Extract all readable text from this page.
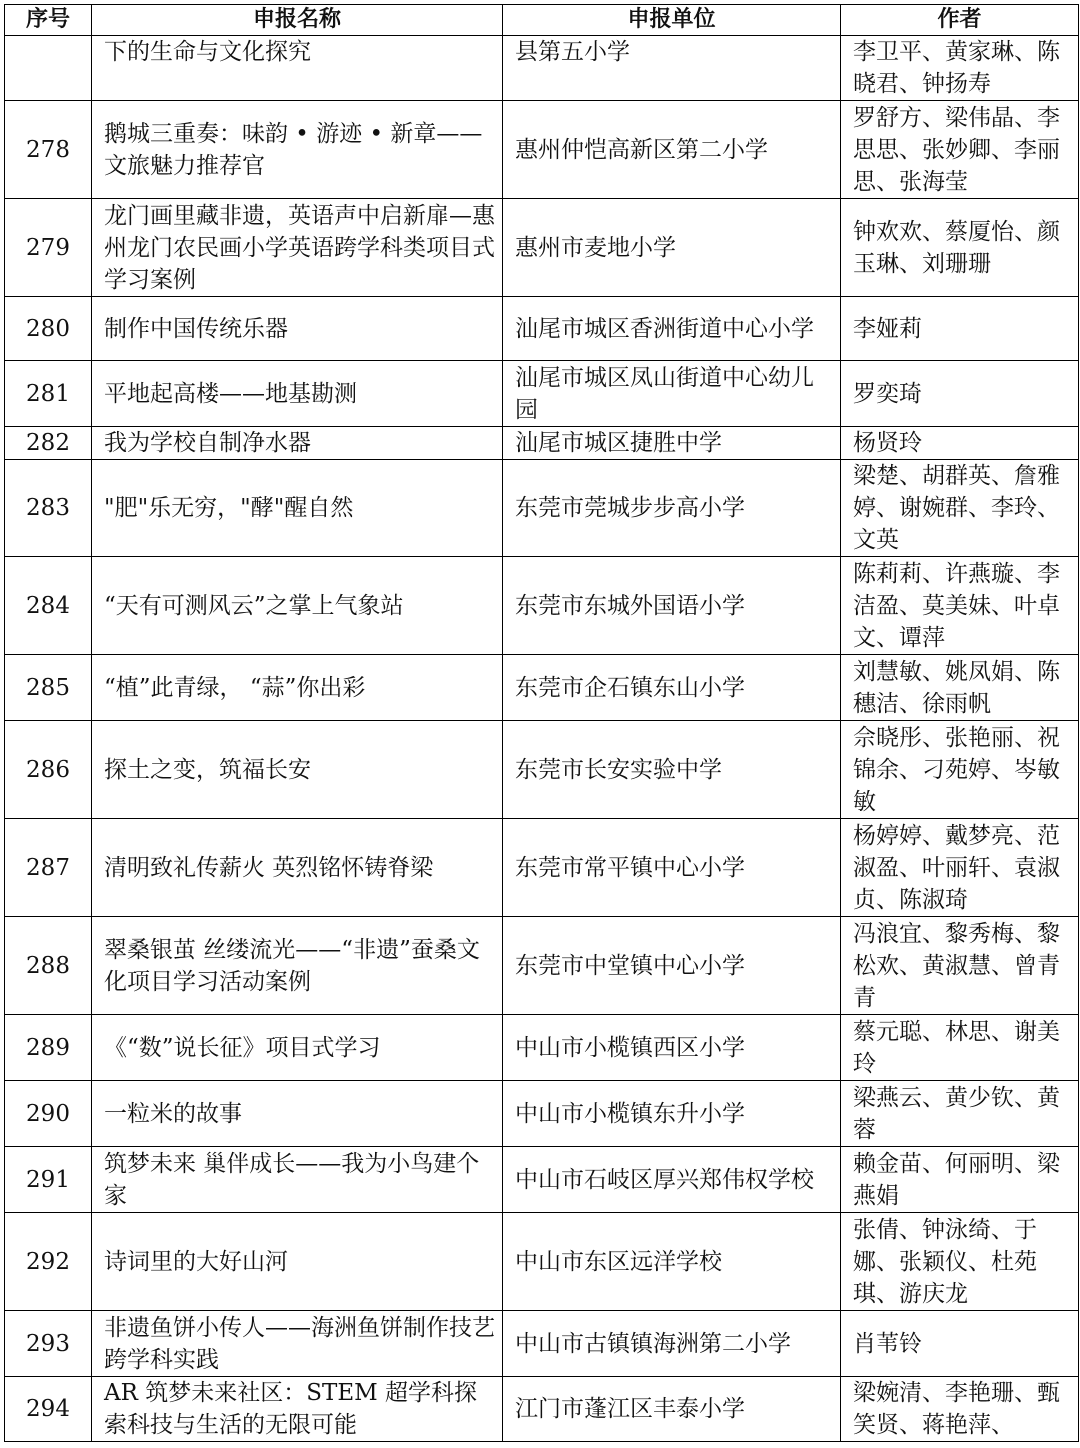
序号	申报名称	申报单位	作者
	下的生命与文化探究	县第五小学	李卫平、黄家琳、陈晓君、钟扬寿
278	鹅城三重奏：味韵 • 游迹 • 新章——文旅魅力推荐官	惠州仲恺高新区第二小学	罗舒方、梁伟晶、李思思、张妙卿、李丽思、张海莹
279	龙门画里藏非遗，英语声中启新扉—惠州龙门农民画小学英语跨学科类项目式学习案例	惠州市麦地小学	钟欢欢、蔡厦怡、颜玉琳、刘珊珊
280	制作中国传统乐器	汕尾市城区香洲街道中心小学	李娅莉
281	平地起高楼——地基勘测	汕尾市城区凤山街道中心幼儿园	罗奕琦
282	我为学校自制净水器	汕尾市城区捷胜中学	杨贤玲
283	"肥"乐无穷，"酵"醒自然	东莞市莞城步步高小学	梁楚、胡群英、詹雅婷、谢婉群、李玲、文英
284	“天有可测风云”之掌上气象站	东莞市东城外国语小学	陈莉莉、许燕璇、李洁盈、莫美妹、叶卓文、谭萍
285	“植”此青绿， “蒜”你出彩	东莞市企石镇东山小学	刘慧敏、姚凤娟、陈穗洁、徐雨帆
286	探土之变，筑福长安	东莞市长安实验中学	佘晓彤、张艳丽、祝锦余、刁苑婷、岑敏敏
287	清明致礼传薪火 英烈铭怀铸脊梁	东莞市常平镇中心小学	杨婷婷、戴梦亮、范淑盈、叶丽轩、袁淑贞、陈淑琦
288	翠桑银茧 丝缕流光——“非遗”蚕桑文化项目学习活动案例	东莞市中堂镇中心小学	冯浪宜、黎秀梅、黎松欢、黄淑慧、曾青青
289	《“数”说长征》项目式学习	中山市小榄镇西区小学	蔡元聪、林思、谢美玲
290	一粒米的故事	中山市小榄镇东升小学	梁燕云、黄少钦、黄蓉
291	筑梦未来 巢伴成长——我为小鸟建个家	中山市石岐区厚兴郑伟权学校	赖金苗、何丽明、梁燕娟
292	诗词里的大好山河	中山市东区远洋学校	张倩、钟泳绮、于娜、张颖仪、杜苑琪、游庆龙
293	非遗鱼饼小传人——海洲鱼饼制作技艺跨学科实践	中山市古镇镇海洲第二小学	肖苇铃
294	AR 筑梦未来社区：STEM 超学科探索科技与生活的无限可能	江门市蓬江区丰泰小学	梁婉清、李艳珊、甄笑贤、蒋艳萍、
